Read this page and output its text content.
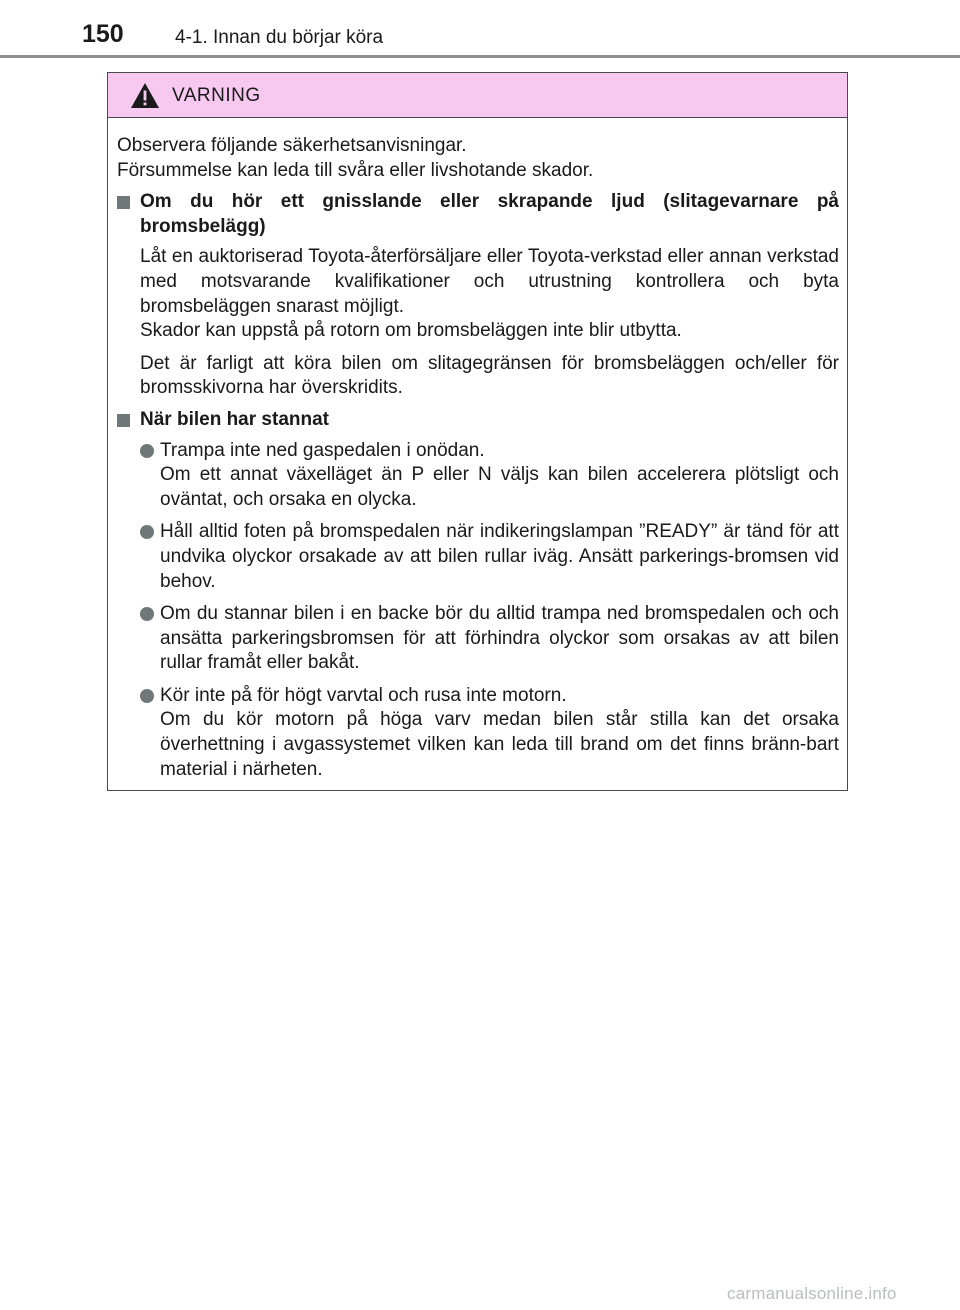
150	4-1. Innan du börjar köra
VARNING
Observera följande säkerhetsanvisningar.
Försummelse kan leda till svåra eller livshotande skador.
Om du hör ett gnisslande eller skrapande ljud (slitagevarnare på bromsbelägg)

Låt en auktoriserad Toyota-återförsäljare eller Toyota-verkstad eller annan verkstad med motsvarande kvalifikationer och utrustning kontrollera och byta bromsbeläggen snarast möjligt.

Skador kan uppstå på rotorn om bromsbeläggen inte blir utbytta.

Det är farligt att köra bilen om slitagegränsen för bromsbeläggen och/eller för bromsskivorna har överskridits.

När bilen har stannat

Trampa inte ned gaspedalen i onödan.

Om ett annat växelläget än P eller N väljs kan bilen accelerera plötsligt och oväntat, och orsaka en olycka.

Håll alltid foten på bromspedalen när indikeringslampan ”READY” är tänd för att undvika olyckor orsakade av att bilen rullar iväg. Ansätt parkerings-bromsen vid behov.

Om du stannar bilen i en backe bör du alltid trampa ned bromspedalen och och ansätta parkeringsbromsen för att förhindra olyckor som orsakas av att bilen rullar framåt eller bakåt.

Kör inte på för högt varvtal och rusa inte motorn.

Om du kör motorn på höga varv medan bilen står stilla kan det orsaka överhettning i avgassystemet vilken kan leda till brand om det finns bränn-bart material i närheten.

carmanualsonline.info
